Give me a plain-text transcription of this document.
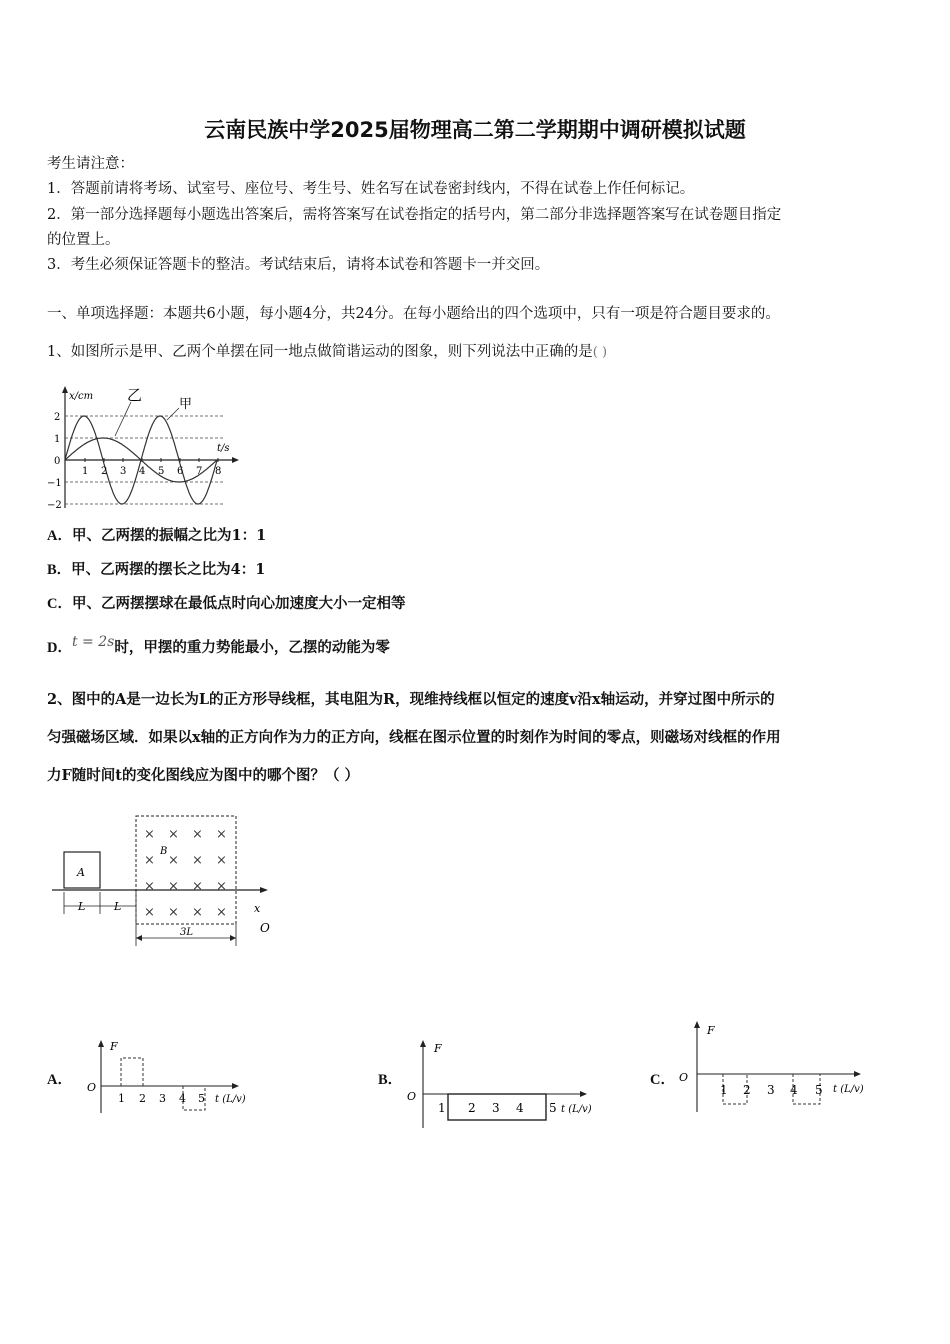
云南民族中学2025届物理高二第二学期期中调研模拟试题
考生请注意：
1．答题前请将考场、试室号、座位号、考生号、姓名写在试卷密封线内，不得在试卷上作任何标记。
2．第一部分选择题每小题选出答案后，需将答案写在试卷指定的括号内，第二部分非选择题答案写在试卷题目指定
的位置上。
3．考生必须保证答题卡的整洁。考试结束后，请将本试卷和答题卡一并交回。
一、单项选择题：本题共6小题，每小题4分，共24分。在每小题给出的四个选项中，只有一项是符合题目要求的。
1、如图所示是甲、乙两个单摆在同一地点做简谐运动的图象，则下列说法中正确的是( )
x/cm
t/s
乙
甲
2
1
0
−1
−2
1 2 3 4 5 6 7 8
A．甲、乙两摆的振幅之比为1：1
B．甲、乙两摆的摆长之比为4：1
C．甲、乙两摆摆球在最低点时向心加速度大小一定相等
D．t = 2s时，甲摆的重力势能最小，乙摆的动能为零
2、图中的A是一边长为L的正方形导线框，其电阻为R，现维持线框以恒定的速度v沿x轴运动，并穿过图中所示的
匀强磁场区域．如果以x轴的正方向作为力的正方向，线框在图示位置的时刻作为时间的零点，则磁场对线框的作用
力F随时间t的变化图线应为图中的哪个图？（ ）
A
x
O
× × × ×
× × × ×
× × × ×
× × × ×
B
L	L
3L
A．
F
O
1 2 3 4 5 t (L/v)
B．
F
O
1 2 3 4 5 t (L/v)
C．
F
O
1 2 3 4 5 t (L/v)
